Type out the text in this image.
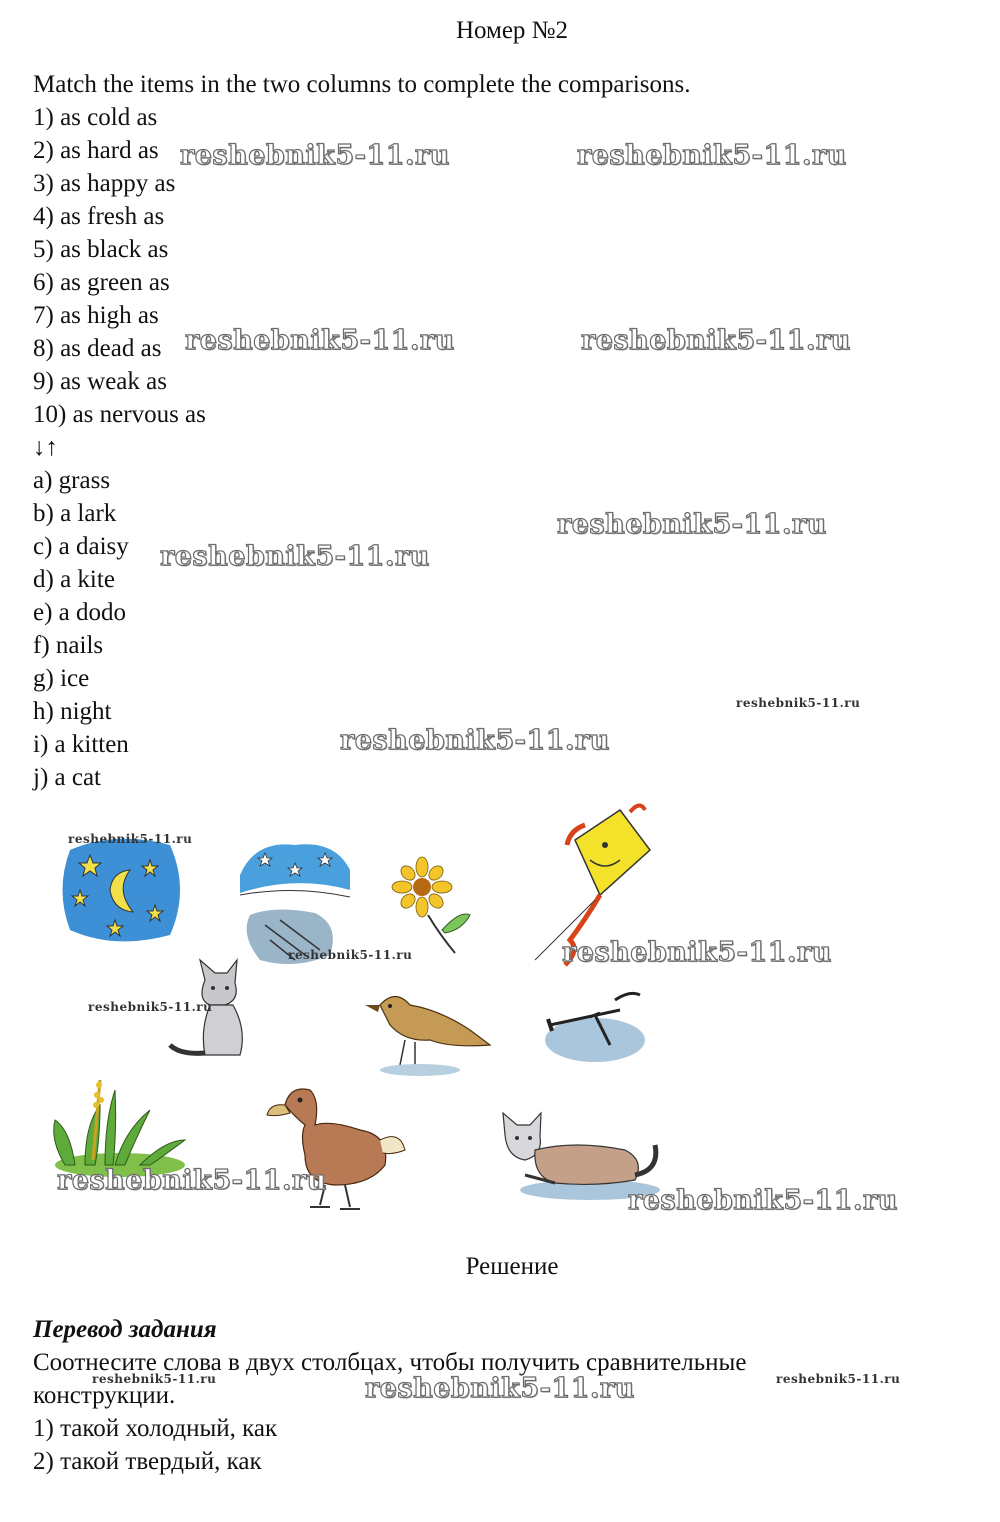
Номер №2
Match the items in the two columns to complete the comparisons.
1) as cold as
2) as hard as
3) as happy as
4) as fresh as
5) as black as
6) as green as
7) as high as
8) as dead as
9) as weak as
10) as nervous as
↓↑
a) grass
b) a lark
c) a daisy
d) a kite
e) a dodo
f) nails
g) ice
h) night
i) a kitten
j) a cat
Решение
Перевод задания
Соотнесите слова в двух столбцах, чтобы получить сравнительные
конструкции.
1) такой холодный, как
2) такой твердый, как
reshebnik5-11.ru	reshebnik5-11.ru
reshebnik5-11.ru	reshebnik5-11.ru
reshebnik5-11.ru
reshebnik5-11.ru
reshebnik5-11.ru
reshebnik5-11.ru
reshebnik5-11.ru
reshebnik5-11.ru	reshebnik5-11.ru
reshebnik5-11.ru
reshebnik5-11.ru
reshebnik5-11.ru
reshebnik5-11.ru	reshebnik5-11.ru	reshebnik5-11.ru
